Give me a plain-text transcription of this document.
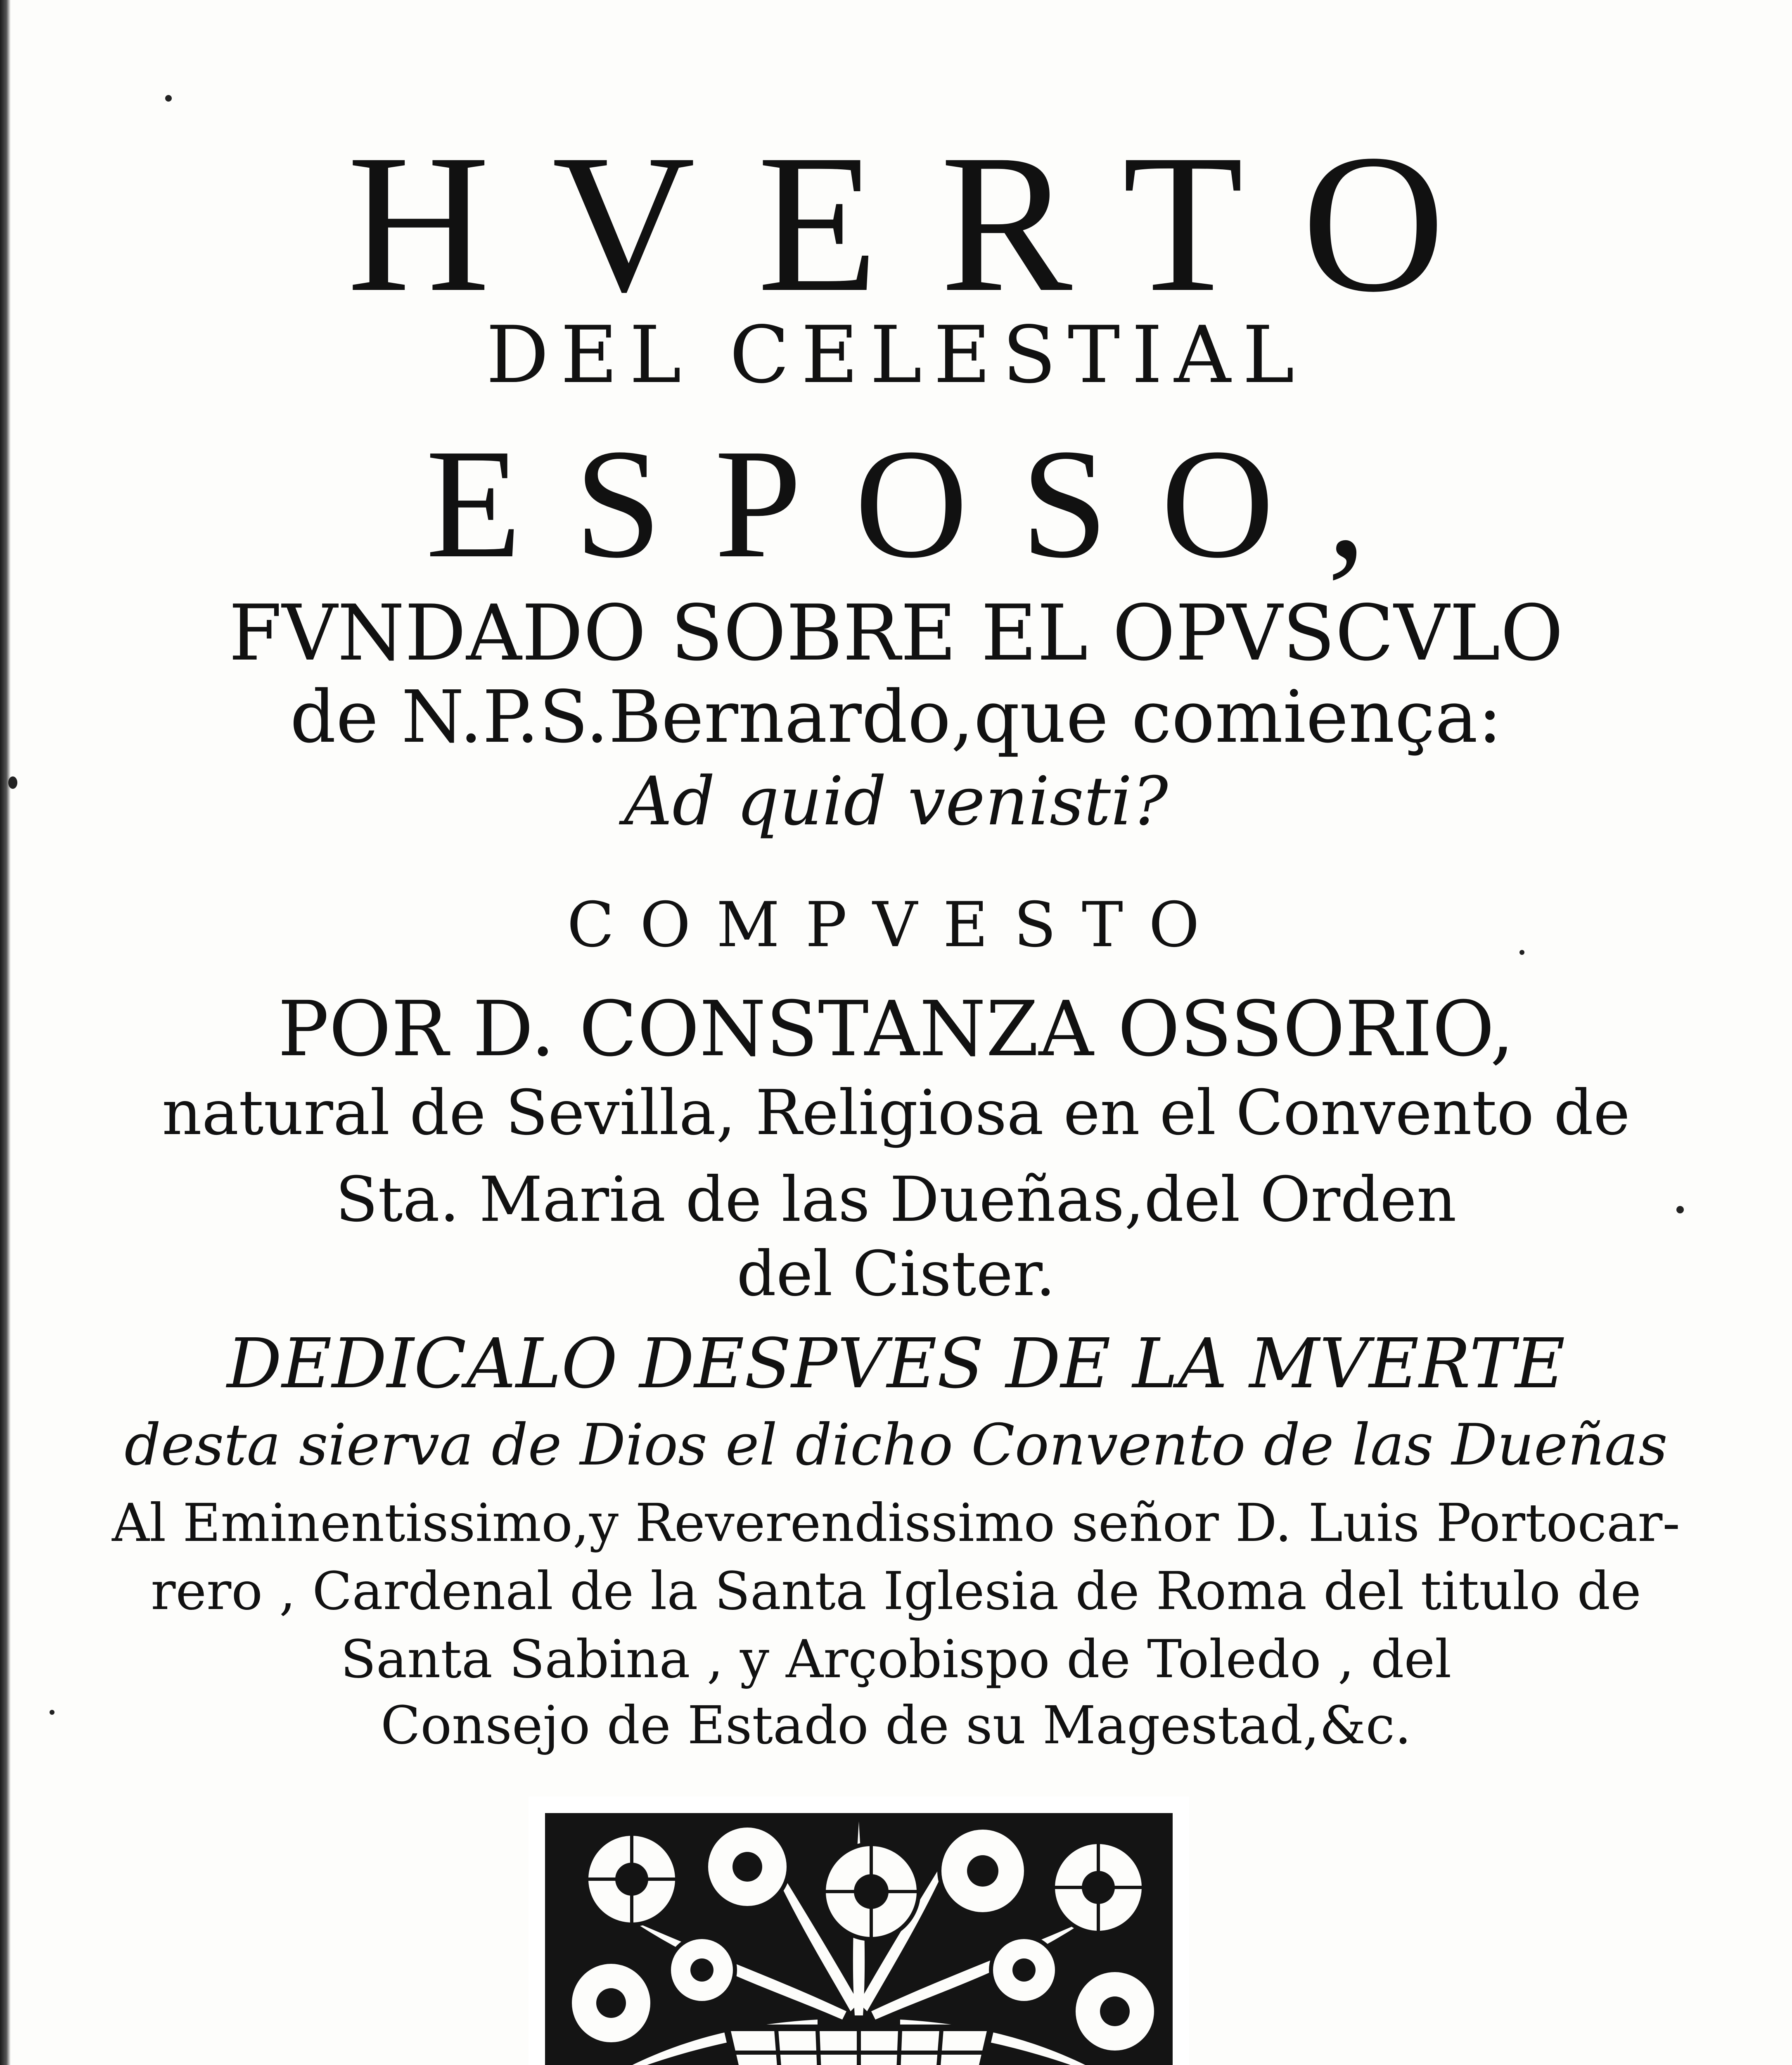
HVERTO
DEL CELESTIAL
ESPOSO,
FVNDADO SOBRE EL OPVSCVLO
de N.P.S.Bernardo,que comiença:
Ad quid venisti?
COMPVESTO
POR D. CONSTANZA OSSORIO,
natural de Sevilla, Religiosa en el Convento de
Sta. Maria de las Dueñas,del Orden
del Cister.
DEDICALO DESPVES DE LA MVERTE
desta sierva de Dios el dicho Convento de las Dueñas
Al Eminentissimo,y Reverendissimo señor D. Luis Portocar-
rero , Cardenal de la Santa Iglesia de Roma del titulo de
Santa Sabina , y Arçobispo de Toledo , del
Consejo de Estado de su Magestad,&c.
